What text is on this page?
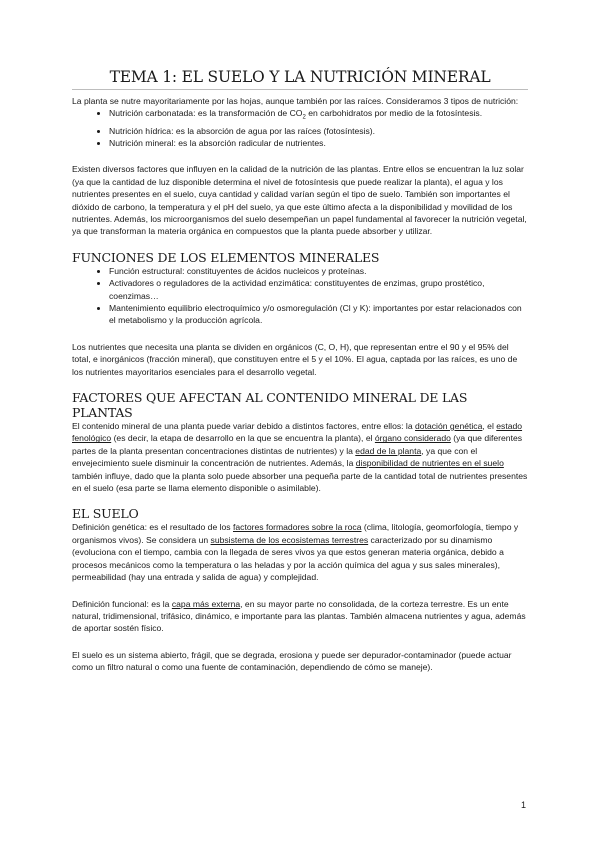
TEMA 1: EL SUELO Y LA NUTRICIÓN MINERAL

La planta se nutre mayoritariamente por las hojas, aunque también por las raíces. Consideramos 3 tipos de nutrición:

• Nutrición carbonatada: es la transformación de $CO_2$ en carbohidratos por medio de la fotosíntesis.
• Nutrición hídrica: es la absorción de agua por las raíces (fotosíntesis).
• Nutrición mineral: es la absorción radicular de nutrientes.

Existen diversos factores que influyen en la calidad de la nutrición de las plantas. Entre ellos se encuentran la luz solar (ya que la cantidad de luz disponible determina el nivel de fotosíntesis que puede realizar la planta), el agua y los nutrientes presentes en el suelo, cuya cantidad y calidad varían según el tipo de suelo. También son importantes el dióxido de carbono, la temperatura y el pH del suelo, ya que este último afecta a la disponibilidad y movilidad de los nutrientes. Además, los microorganismos del suelo desempeñan un papel fundamental al favorecer la nutrición vegetal, ya que transforman la materia orgánica en compuestos que la planta puede absorber y utilizar.

FUNCIONES DE LOS ELEMENTOS MINERALES
• Función estructural: constituyentes de ácidos nucleicos y proteínas.
• Activadores o reguladores de la actividad enzimática: constituyentes de enzimas, grupo prostético, coenzimas…
• Mantenimiento equilibrio electroquímico y/o osmoregulación (Cl y K): importantes por estar relacionados con el metabolismo y la producción agrícola.

Los nutrientes que necesita una planta se dividen en orgánicos (C, O, H), que representan entre el 90 y el 95% del total, e inorgánicos (fracción mineral), que constituyen entre el 5 y el 10%. El agua, captada por las raíces, es uno de los nutrientes mayoritarios esenciales para el desarrollo vegetal.

FACTORES QUE AFECTAN AL CONTENIDO MINERAL DE LAS PLANTAS

El contenido mineral de una planta puede variar debido a distintos factores, entre ellos: la dotación genética, el estado fenológico (es decir, la etapa de desarrollo en la que se encuentra la planta), el órgano considerado (ya que diferentes partes de la planta presentan concentraciones distintas de nutrientes) y la edad de la planta, ya que con el envejecimiento suele disminuir la concentración de nutrientes. Además, la disponibilidad de nutrientes en el suelo también influye, dado que la planta solo puede absorber una pequeña parte de la cantidad total de nutrientes presentes en el suelo (esa parte se llama elemento disponible o asimilable).

EL SUELO

Definición genética: es el resultado de los factores formadores sobre la roca (clima, litología, geomorfología, tiempo y organismos vivos). Se considera un subsistema de los ecosistemas terrestres caracterizado por su dinamismo (evoluciona con el tiempo, cambia con la llegada de seres vivos ya que estos generan materia orgánica, debido a procesos mecánicos como la temperatura o las heladas y por la acción química del agua y sus sales minerales), permeabilidad (hay una entrada y salida de agua) y complejidad.

Definición funcional: es la capa más externa, en su mayor parte no consolidada, de la corteza terrestre. Es un ente natural, tridimensional, trifásico, dinámico, e importante para las plantas. También almacena nutrientes y agua, además de aportar sostén físico.

El suelo es un sistema abierto, frágil, que se degrada, erosiona y puede ser depurador-contaminador (puede actuar como un filtro natural o como una fuente de contaminación, dependiendo de cómo se maneje).

1
